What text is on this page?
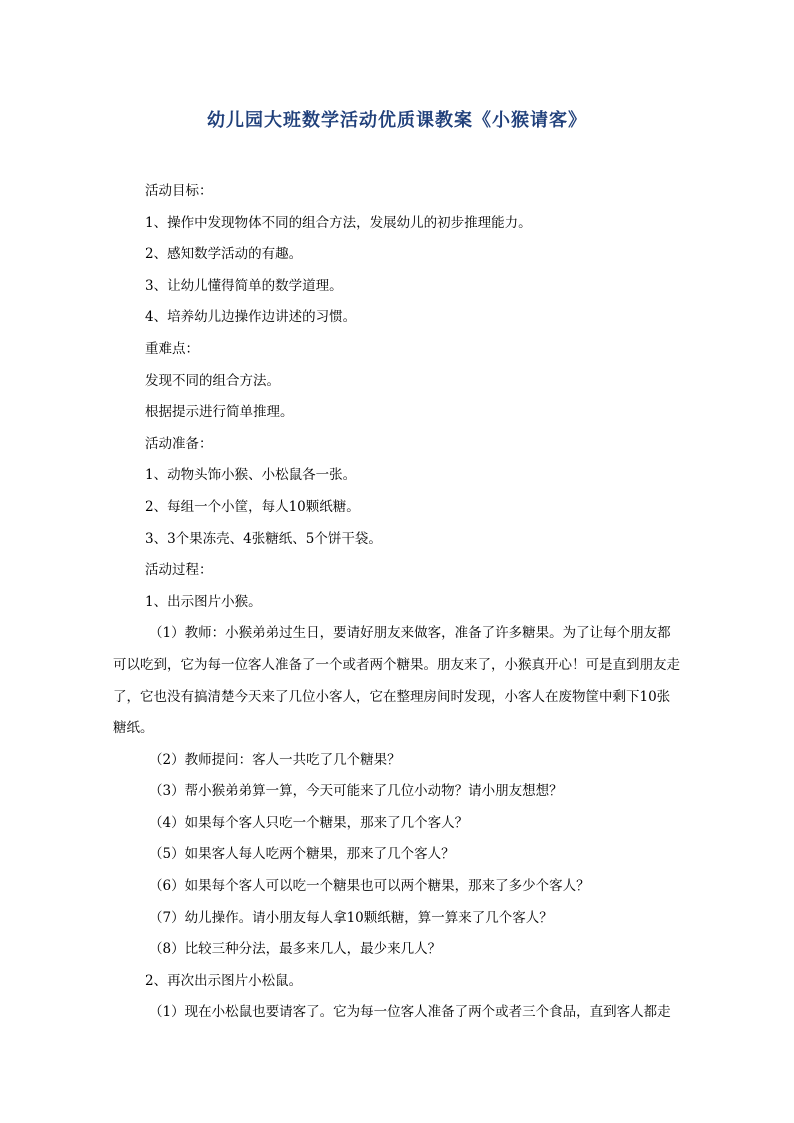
幼儿园大班数学活动优质课教案《小猴请客》

活动目标：

1、操作中发现物体不同的组合方法，发展幼儿的初步推理能力。

2、感知数学活动的有趣。

3、让幼儿懂得简单的数学道理。

4、培养幼儿边操作边讲述的习惯。

重难点：

发现不同的组合方法。

根据提示进行简单推理。

活动准备：

1、动物头饰小猴、小松鼠各一张。

2、每组一个小筐，每人10颗纸糖。

3、3个果冻壳、4张糖纸、5个饼干袋。

活动过程：

1、出示图片小猴。

（1）教师：小猴弟弟过生日，要请好朋友来做客，准备了许多糖果。为了让每个朋友都可以吃到，它为每一位客人准备了一个或者两个糖果。朋友来了，小猴真开心！可是直到朋友走了，它也没有搞清楚今天来了几位小客人，它在整理房间时发现，小客人在废物筐中剩下10张糖纸。

（2）教师提问：客人一共吃了几个糖果？

（3）帮小猴弟弟算一算，今天可能来了几位小动物？请小朋友想想？

（4）如果每个客人只吃一个糖果，那来了几个客人？

（5）如果客人每人吃两个糖果，那来了几个客人？

（6）如果每个客人可以吃一个糖果也可以两个糖果，那来了多少个客人？

（7）幼儿操作。请小朋友每人拿10颗纸糖，算一算来了几个客人？

（8）比较三种分法，最多来几人，最少来几人？

2、再次出示图片小松鼠。

（1）现在小松鼠也要请客了。它为每一位客人准备了两个或者三个食品，直到客人都走
